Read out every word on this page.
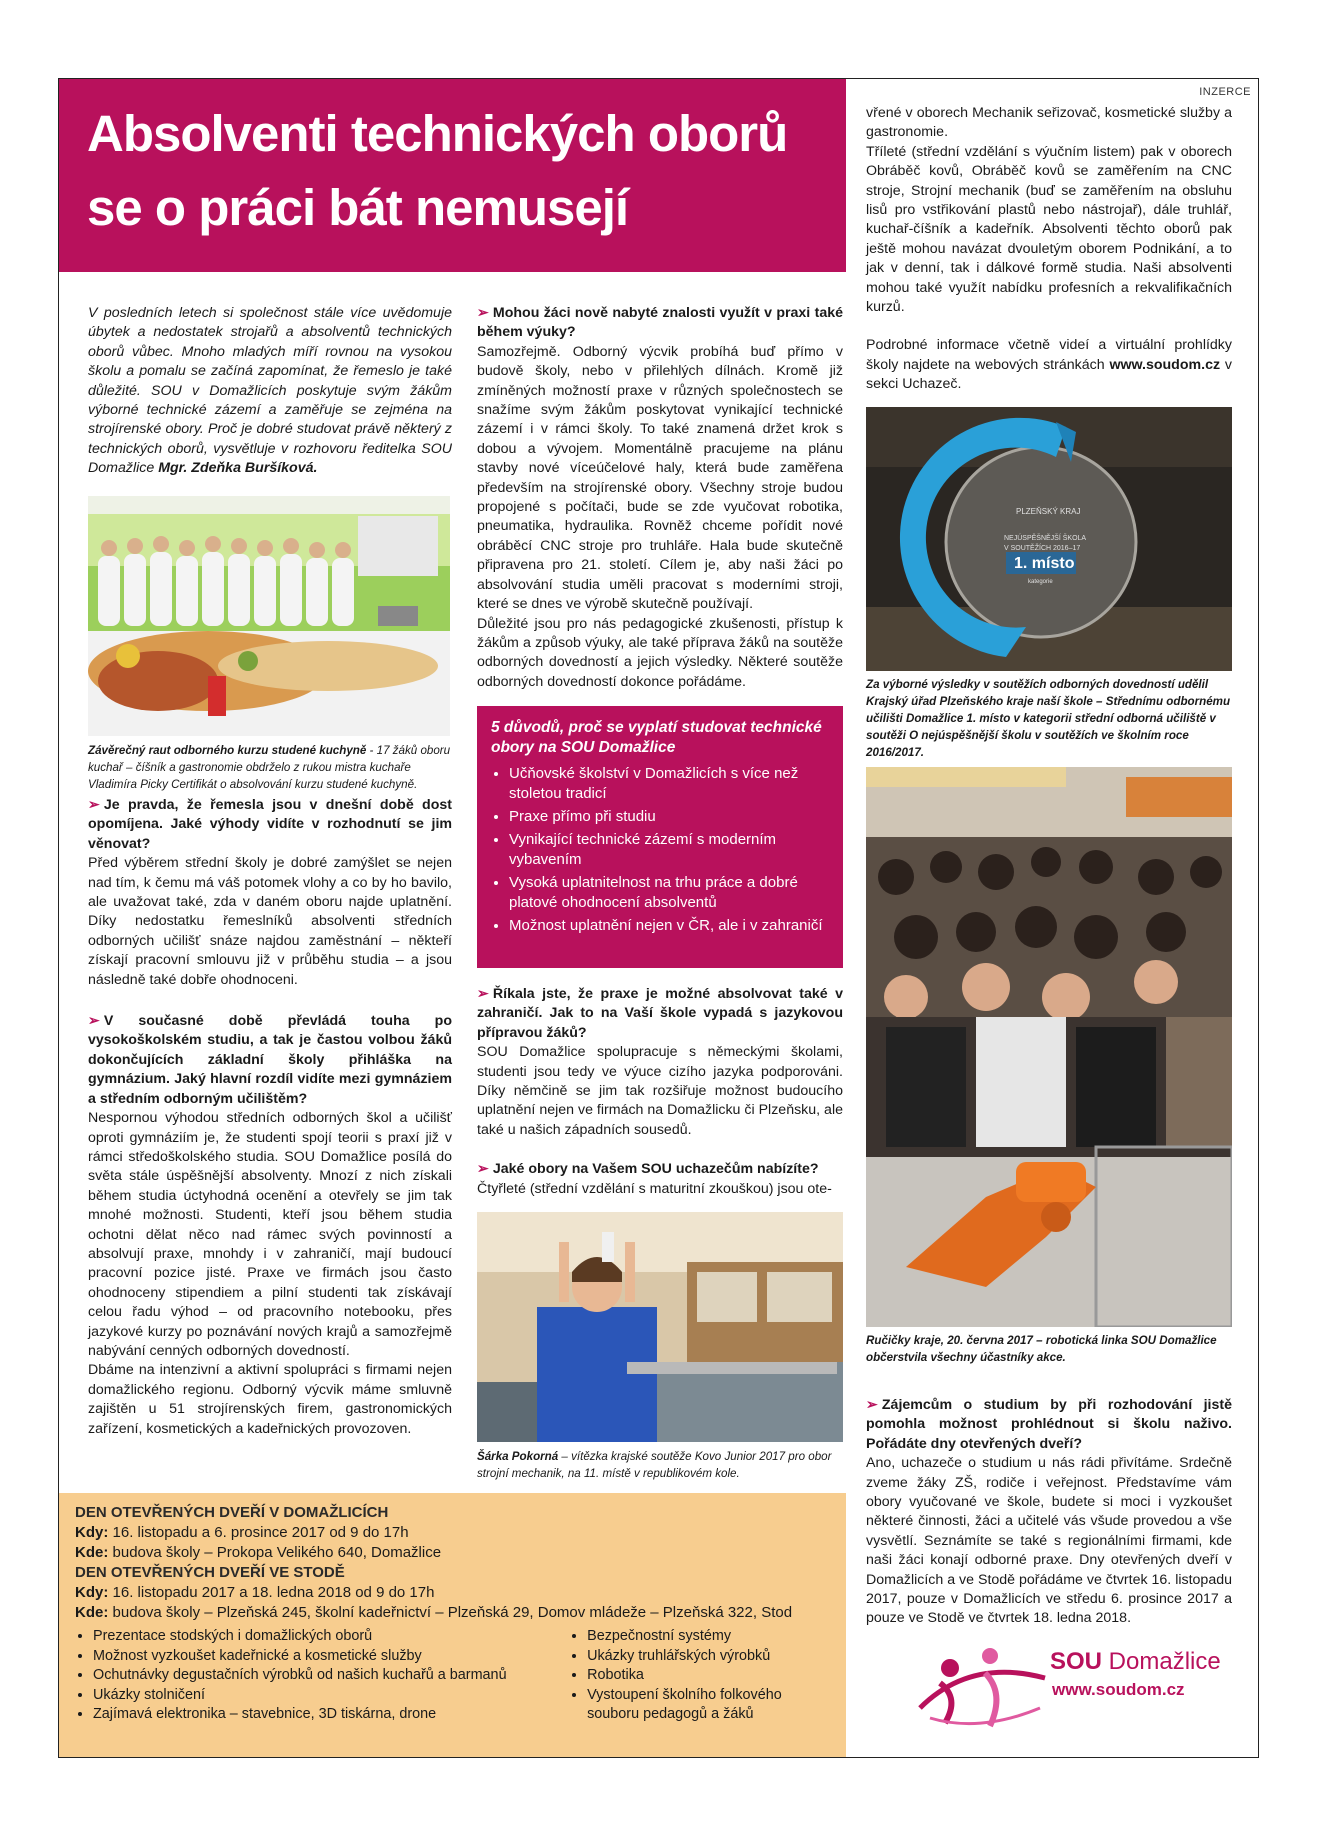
Absolventi technických oborů
se o práci bát nemusejí
INZERCE

V posledních letech si společnost stále více uvědomuje úbytek a nedostatek strojařů a absolventů technických oborů vůbec. Mnoho mladých míří rovnou na vysokou školu a pomalu se začíná zapomínat, že řemeslo je také důležité. SOU v Domažlicích poskytuje svým žákům výborné technické zázemí a zaměřuje se zejména na strojírenské obory. Proč je dobré studovat právě některý z technických oborů, vysvětluje v rozhovoru ředitelka SOU Domažlice Mgr. Zdeňka Buršíková.

Závěrečný raut odborného kurzu studené kuchyně - 17 žáků oboru kuchař – číšník a gastronomie obdrželo z rukou mistra kuchaře Vladimíra Picky Certifikát o absolvování kurzu studené kuchyně.

➢ Je pravda, že řemesla jsou v dnešní době dost opomíjena. Jaké výhody vidíte v rozhodnutí se jim věnovat?

Před výběrem střední školy je dobré zamýšlet se nejen nad tím, k čemu má váš potomek vlohy a co by ho bavilo, ale uvažovat také, zda v daném oboru najde uplatnění. Díky nedostatku řemeslníků absolventi středních odborných učilišť snáze najdou zaměstnání – někteří získají pracovní smlouvu již v průběhu studia – a jsou následně také dobře ohodnoceni.

➢ V současné době převládá touha po vysokoškolském studiu, a tak je častou volbou žáků dokončujících základní školy přihláška na gymnázium. Jaký hlavní rozdíl vidíte mezi gymnáziem a středním odborným učilištěm?

Nespornou výhodou středních odborných škol a učilišť oproti gymnáziím je, že studenti spojí teorii s praxí již v rámci středoškolského studia. SOU Domažlice posílá do světa stále úspěšnější absolventy. Mnozí z nich získali během studia úctyhodná ocenění a otevřely se jim tak mnohé možnosti. Studenti, kteří jsou během studia ochotni dělat něco nad rámec svých povinností a absolvují praxe, mnohdy i v zahraničí, mají budoucí pracovní pozice jisté. Praxe ve firmách jsou často ohodnoceny stipendiem a pilní studenti tak získávají celou řadu výhod – od pracovního notebooku, přes jazykové kurzy po poznávání nových krajů a samozřejmě nabývání cenných odborných dovedností.

Dbáme na intenzivní a aktivní spolupráci s firmami nejen domažlického regionu. Odborný výcvik máme smluvně zajištěn u 51 strojírenských firem, gastronomických zařízení, kosmetických a kadeřnických provozoven.

➢ Mohou žáci nově nabyté znalosti využít v praxi také během výuky?

Samozřejmě. Odborný výcvik probíhá buď přímo v budově školy, nebo v přilehlých dílnách. Kromě již zmíněných možností praxe v různých společnostech se snažíme svým žákům poskytovat vynikající technické zázemí i v rámci školy. To také znamená držet krok s dobou a vývojem. Momentálně pracujeme na plánu stavby nové víceúčelové haly, která bude zaměřena především na strojírenské obory. Všechny stroje budou propojené s počítači, bude se zde vyučovat robotika, pneumatika, hydraulika. Rovněž chceme pořídit nové obráběcí CNC stroje pro truhláře. Hala bude skutečně připravena pro 21. století. Cílem je, aby naši žáci po absolvování studia uměli pracovat s moderními stroji, které se dnes ve výrobě skutečně používají.

Důležité jsou pro nás pedagogické zkušenosti, přístup k žákům a způsob výuky, ale také příprava žáků na soutěže odborných dovedností a jejich výsledky. Některé soutěže odborných dovedností dokonce pořádáme.

5 důvodů, proč se vyplatí studovat technické obory na SOU Domažlice
• Učňovské školství v Domažlicích s více než stoletou tradicí
• Praxe přímo při studiu
• Vynikající technické zázemí s moderním vybavením
• Vysoká uplatnitelnost na trhu práce a dobré platové ohodnocení absolventů
• Možnost uplatnění nejen v ČR, ale i v zahraničí

➢ Říkala jste, že praxe je možné absolvovat také v zahraničí. Jak to na Vaší škole vypadá s jazykovou přípravou žáků?

SOU Domažlice spolupracuje s německými školami, studenti jsou tedy ve výuce cizího jazyka podporováni. Díky němčině se jim tak rozšiřuje možnost budoucího uplatnění nejen ve firmách na Domažlicku či Plzeňsku, ale také u našich západních sousedů.

➢ Jaké obory na Vašem SOU uchazečům nabízíte?

Čtyřleté (střední vzdělání s maturitní zkouškou) jsou ote-

Šárka Pokorná – vítězka krajské soutěže Kovo Junior 2017 pro obor strojní mechanik, na 11. místě v republikovém kole.

vřené v oborech Mechanik seřizovač, kosmetické služby a gastronomie.

Tříleté (střední vzdělání s výučním listem) pak v oborech Obráběč kovů, Obráběč kovů se zaměřením na CNC stroje, Strojní mechanik (buď se zaměřením na obsluhu lisů pro vstřikování plastů nebo nástrojař), dále truhlář, kuchař-číšník a kadeřník. Absolventi těchto oborů pak ještě mohou navázat dvouletým oborem Podnikání, a to jak v denní, tak i dálkové formě studia. Naši absolventi mohou také využít nabídku profesních a rekvalifikačních kurzů.

Podrobné informace včetně videí a virtuální prohlídky školy najdete na webových stránkách www.soudom.cz v sekci Uchazeč.

PLZEŇSKÝ KRAJ
NEJÚSPĚŠNĚJŠÍ ŠKOLA
V SOUTĚŽÍCH 2016–17
1. místo
kategorie
Za výborné výsledky v soutěžích odborných dovedností udělil Krajský úřad Plzeňského kraje naší škole – Střednímu odbornému učilišti Domažlice 1. místo v kategorii střední odborná učiliště v soutěži O nejúspěšnější školu v soutěžích ve školním roce 2016/2017.
Ručičky kraje, 20. června 2017 – robotická linka SOU Domažlice občerstvila všechny účastníky akce.

➢ Zájemcům o studium by při rozhodování jistě pomohla možnost prohlédnout si školu naživo. Pořádáte dny otevřených dveří?

Ano, uchazeče o studium u nás rádi přivítáme. Srdečně zveme žáky ZŠ, rodiče i veřejnost. Představíme vám obory vyučované ve škole, budete si moci i vyzkoušet některé činnosti, žáci a učitelé vás všude provedou a vše vysvětlí. Seznámíte se také s regionálními firmami, kde naši žáci konají odborné praxe. Dny otevřených dveří v Domažlicích a ve Stodě pořádáme ve čtvrtek 16. listopadu 2017, pouze v Domažlicích ve středu 6. prosince 2017 a pouze ve Stodě ve čtvrtek 18. ledna 2018.

DEN OTEVŘENÝCH DVEŘÍ V DOMAŽLICÍCH
Kdy: 16. listopadu a 6. prosince 2017 od 9 do 17h
Kde: budova školy – Prokopa Velikého 640, Domažlice
DEN OTEVŘENÝCH DVEŘÍ VE STODĚ
Kdy: 16. listopadu 2017 a 18. ledna 2018 od 9 do 17h
Kde: budova školy – Plzeňská 245, školní kadeřnictví – Plzeňská 29, Domov mládeže – Plzeňská 322, Stod
• Prezentace stodských i domažlických oborů
• Možnost vyzkoušet kadeřnické a kosmetické služby
• Ochutnávky degustačních výrobků od našich kuchařů a barmanů
• Ukázky stolničení
• Zajímavá elektronika – stavebnice, 3D tiskárna, drone
• Bezpečnostní systémy
• Ukázky truhlářských výrobků
• Robotika
• Vystoupení školního folkového souboru pedagogů a žáků
SOU Domažlice
www.soudom.cz
